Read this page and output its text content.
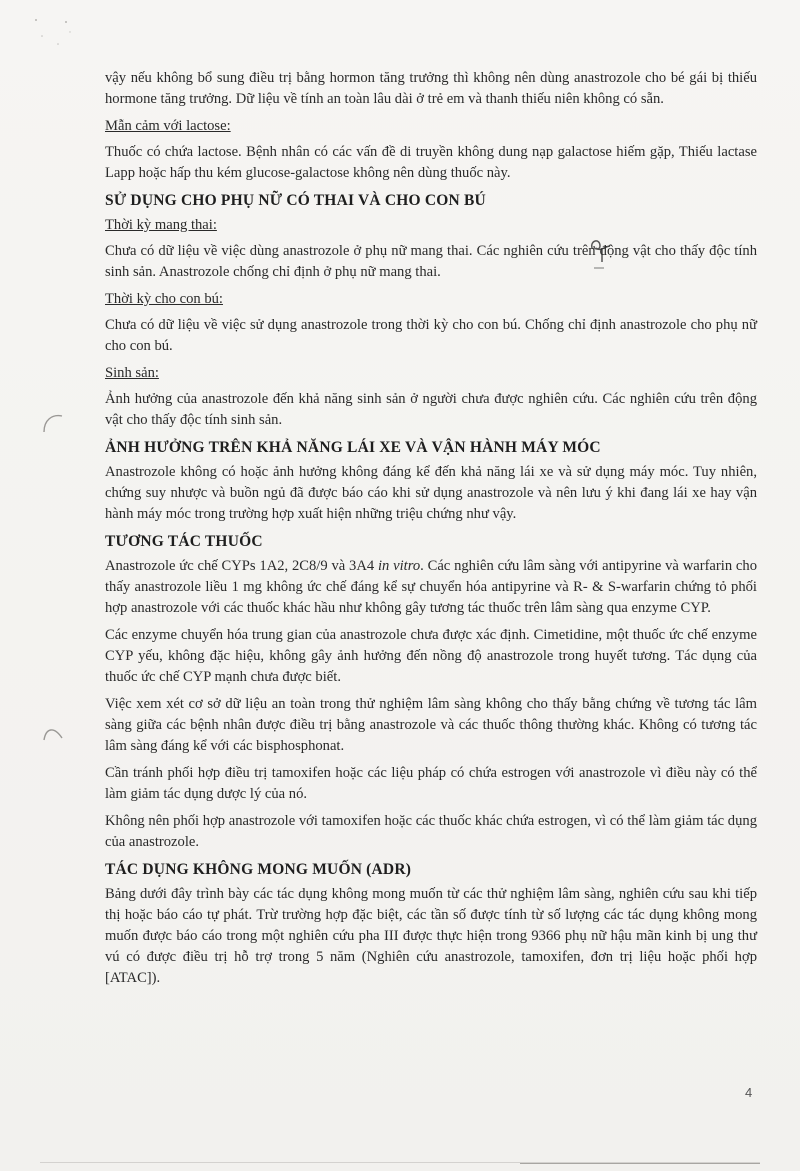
vậy nếu không bổ sung điều trị bằng hormon tăng trưởng thì không nên dùng anastrozole cho bé gái bị thiếu hormone tăng trưởng. Dữ liệu về tính an toàn lâu dài ở trẻ em và thanh thiếu niên không có sẵn.

Mẫn cảm với lactose:

Thuốc có chứa lactose. Bệnh nhân có các vấn đề di truyền không dung nạp galactose hiếm gặp, Thiếu lactase Lapp hoặc hấp thu kém glucose-galactose không nên dùng thuốc này.

SỬ DỤNG CHO PHỤ NỮ CÓ THAI VÀ CHO CON BÚ
Thời kỳ mang thai:

Chưa có dữ liệu về việc dùng anastrozole ở phụ nữ mang thai. Các nghiên cứu trên động vật cho thấy độc tính sinh sản. Anastrozole chống chỉ định ở phụ nữ mang thai.

Thời kỳ cho con bú:

Chưa có dữ liệu về việc sử dụng anastrozole trong thời kỳ cho con bú. Chống chỉ định anastrozole cho phụ nữ cho con bú.

Sinh sản:

Ảnh hưởng của anastrozole đến khả năng sinh sản ở người chưa được nghiên cứu. Các nghiên cứu trên động vật cho thấy độc tính sinh sản.

ẢNH HƯỞNG TRÊN KHẢ NĂNG LÁI XE VÀ VẬN HÀNH MÁY MÓC

Anastrozole không có hoặc ảnh hưởng không đáng kể đến khả năng lái xe và sử dụng máy móc. Tuy nhiên, chứng suy nhược và buồn ngủ đã được báo cáo khi sử dụng anastrozole và nên lưu ý khi đang lái xe hay vận hành máy móc trong trường hợp xuất hiện những triệu chứng như vậy.

TƯƠNG TÁC THUỐC

Anastrozole ức chế CYPs 1A2, 2C8/9 và 3A4 in vitro. Các nghiên cứu lâm sàng với antipyrine và warfarin cho thấy anastrozole liều 1 mg không ức chế đáng kể sự chuyển hóa antipyrine và R- & S-warfarin chứng tỏ phối hợp anastrozole với các thuốc khác hầu như không gây tương tác thuốc trên lâm sàng qua enzyme CYP.

Các enzyme chuyển hóa trung gian của anastrozole chưa được xác định. Cimetidine, một thuốc ức chế enzyme CYP yếu, không đặc hiệu, không gây ảnh hưởng đến nồng độ anastrozole trong huyết tương. Tác dụng của thuốc ức chế CYP mạnh chưa được biết.

Việc xem xét cơ sở dữ liệu an toàn trong thử nghiệm lâm sàng không cho thấy bằng chứng về tương tác lâm sàng giữa các bệnh nhân được điều trị bằng anastrozole và các thuốc thông thường khác. Không có tương tác lâm sàng đáng kể với các bisphosphonat.

Cần tránh phối hợp điều trị tamoxifen hoặc các liệu pháp có chứa estrogen với anastrozole vì điều này có thể làm giảm tác dụng dược lý của nó.

Không nên phối hợp anastrozole với tamoxifen hoặc các thuốc khác chứa estrogen, vì có thể làm giảm tác dụng của anastrozole.

TÁC DỤNG KHÔNG MONG MUỐN (ADR)

Bảng dưới đây trình bày các tác dụng không mong muốn từ các thử nghiệm lâm sàng, nghiên cứu sau khi tiếp thị hoặc báo cáo tự phát. Trừ trường hợp đặc biệt, các tần số được tính từ số lượng các tác dụng không mong muốn được báo cáo trong một nghiên cứu pha III được thực hiện trong 9366 phụ nữ hậu mãn kinh bị ung thư vú có được điều trị hỗ trợ trong 5 năm (Nghiên cứu anastrozole, tamoxifen, đơn trị liệu hoặc phối hợp [ATAC]).

4
